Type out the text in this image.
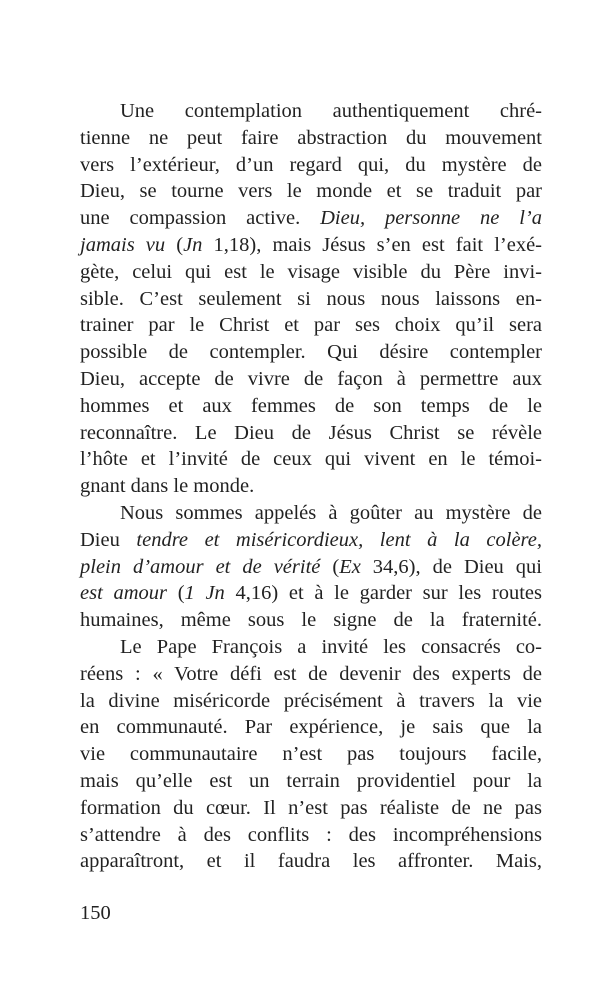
Une contemplation authentiquement chré-
tienne ne peut faire abstraction du mouvement
vers l’extérieur, d’un regard qui, du mystère de
Dieu, se tourne vers le monde et se traduit par
une compassion active. Dieu, personne ne l’a
jamais vu (Jn 1,18), mais Jésus s’en est fait l’exé-
gète, celui qui est le visage visible du Père invi-
sible. C’est seulement si nous nous laissons en-
trainer par le Christ et par ses choix qu’il sera
possible de contempler. Qui désire contempler
Dieu, accepte de vivre de façon à permettre aux
hommes et aux femmes de son temps de le
reconnaître. Le Dieu de Jésus Christ se révèle
l’hôte et l’invité de ceux qui vivent en le témoi-
gnant dans le monde.
Nous sommes appelés à goûter au mystère de
Dieu tendre et miséricordieux, lent à la colère,
plein d’amour et de vérité (Ex 34,6), de Dieu qui
est amour (1 Jn 4,16) et à le garder sur les routes
humaines, même sous le signe de la fraternité.
Le Pape François a invité les consacrés co-
réens : « Votre défi est de devenir des experts de
la divine miséricorde précisément à travers la vie
en communauté. Par expérience, je sais que la
vie communautaire n’est pas toujours facile,
mais qu’elle est un terrain providentiel pour la
formation du cœur. Il n’est pas réaliste de ne pas
s’attendre à des conflits : des incompréhensions
apparaîtront, et il faudra les affronter. Mais,
150
